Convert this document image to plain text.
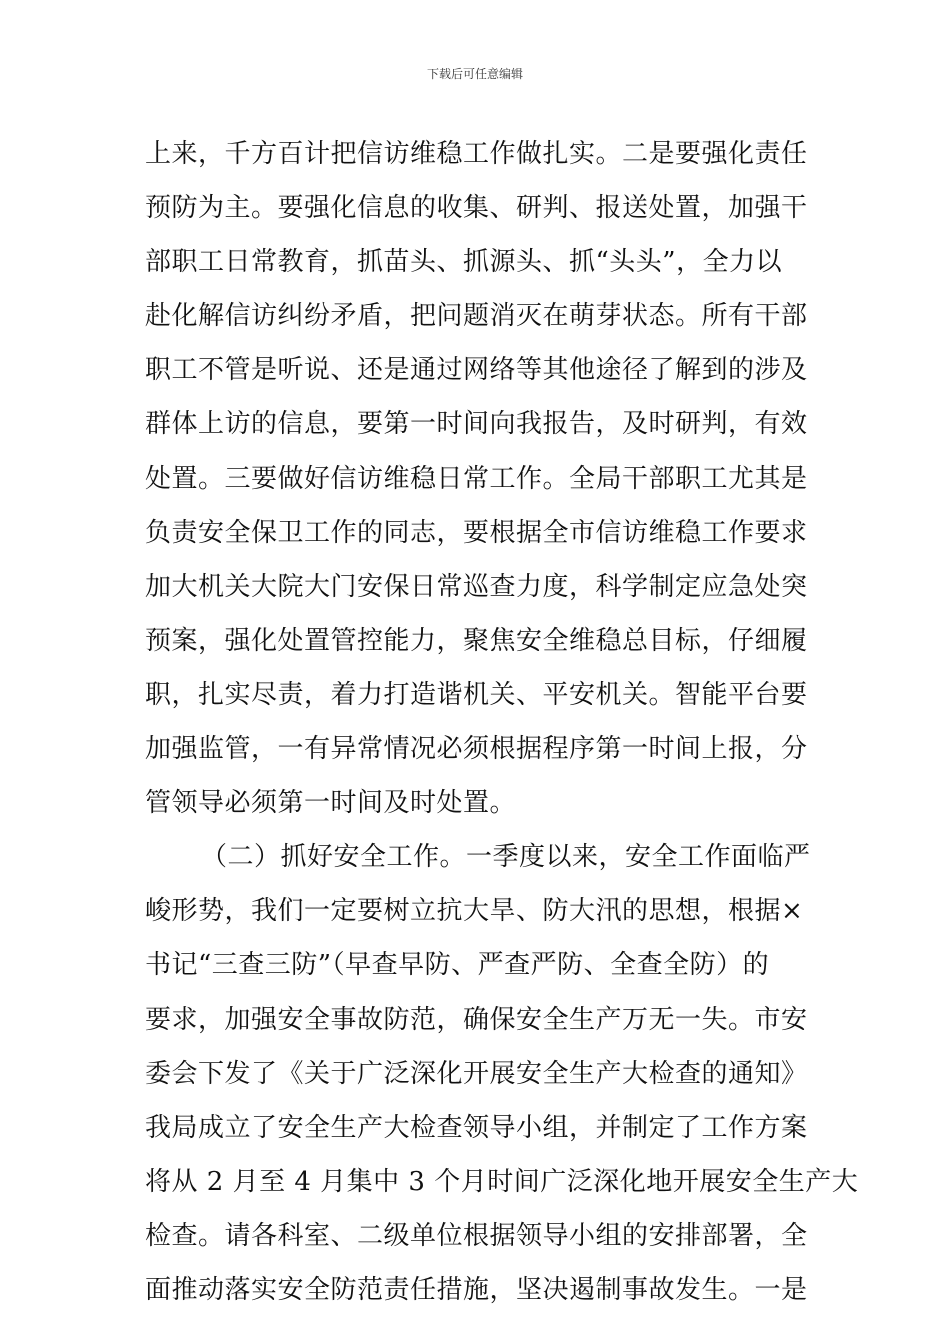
下载后可任意编辑
上来，千方百计把信访维稳工作做扎实。二是要强化责任
预防为主。要强化信息的收集、研判、报送处置，加强干
部职工日常教育，抓苗头、抓源头、抓“头头”，全力以
赴化解信访纠纷矛盾，把问题消灭在萌芽状态。所有干部
职工不管是听说、还是通过网络等其他途径了解到的涉及
群体上访的信息，要第一时间向我报告，及时研判，有效
处置。三要做好信访维稳日常工作。全局干部职工尤其是
负责安全保卫工作的同志，要根据全市信访维稳工作要求
加大机关大院大门安保日常巡查力度，科学制定应急处突
预案，强化处置管控能力，聚焦安全维稳总目标，仔细履
职，扎实尽责，着力打造谐机关、平安机关。智能平台要
加强监管，一有异常情况必须根据程序第一时间上报，分
管领导必须第一时间及时处置。
（二）抓好安全工作。一季度以来，安全工作面临严
峻形势，我们一定要树立抗大旱、防大汛的思想，根据×
书记“三查三防”（早查早防、严查严防、全查全防）的
要求，加强安全事故防范，确保安全生产万无一失。市安
委会下发了《关于广泛深化开展安全生产大检查的通知》
我局成立了安全生产大检查领导小组，并制定了工作方案
将从 2 月至 4 月集中 3 个月时间广泛深化地开展安全生产大
检查。请各科室、二级单位根据领导小组的安排部署，全
面推动落实安全防范责任措施，坚决遏制事故发生。一是
